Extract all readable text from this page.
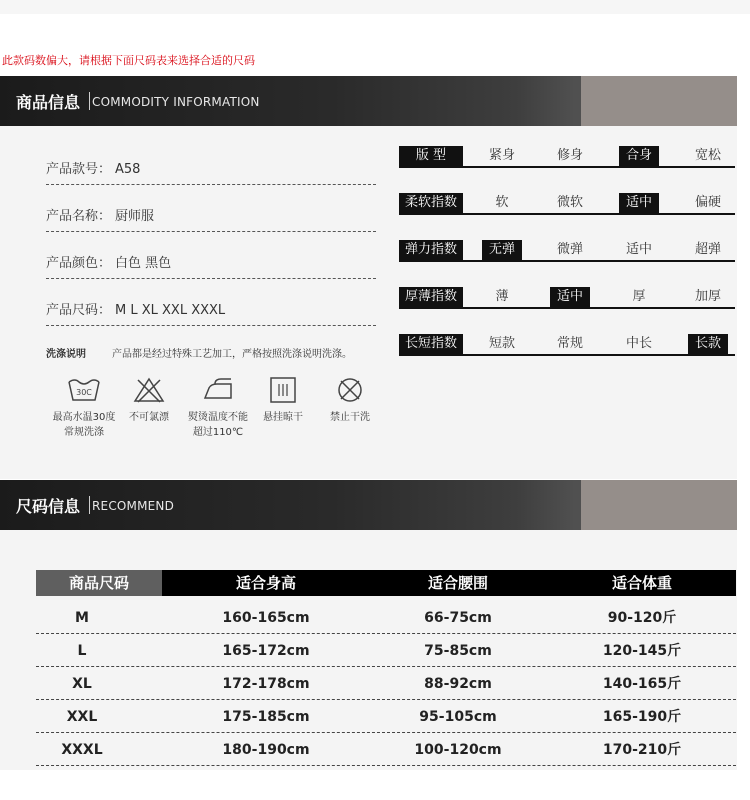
此款码数偏大，请根据下面尺码表来选择合适的尺码
商品信息 COMMODITY INFORMATION
产品款号： A58
产品名称： 厨师服
产品颜色： 白色 黑色
产品尺码： M L XL XXL XXXL
洗涤说明	产品都是经过特殊工艺加工，严格按照洗涤说明洗涤。
30C
最高水温30度
常规洗涤
不可氯漂	熨烫温度不能
超过110℃
悬挂晾干	禁止干洗
版 型	紧身	修身	合身	宽松
柔软指数	软	微软	适中	偏硬
弹力指数	无弹	微弹	适中	超弹
厚薄指数	薄	适中	厚	加厚
长短指数	短款	常规	中长	长款
尺码信息 RECOMMEND
商品尺码	适合身高	适合腰围	适合体重
M	160-165cm	66-75cm	90-120斤
L	165-172cm	75-85cm	120-145斤
XL	172-178cm	88-92cm	140-165斤
XXL	175-185cm	95-105cm	165-190斤
XXXL	180-190cm	100-120cm	170-210斤
